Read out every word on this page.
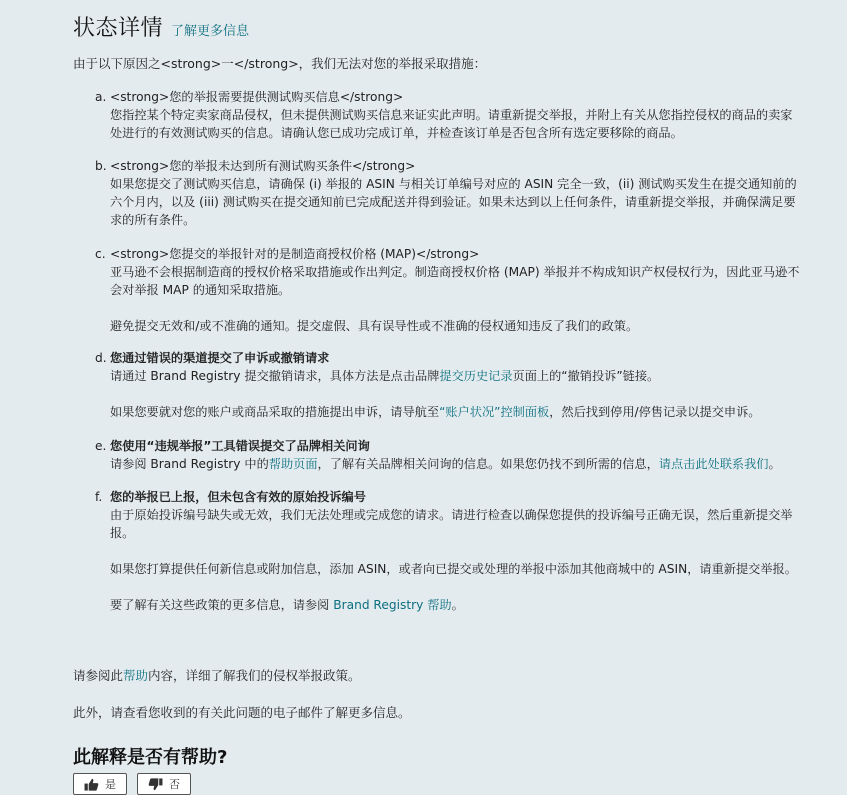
状态详情 了解更多信息
由于以下原因之<strong>一</strong>，我们无法对您的举报采取措施：
a. <strong>您的举报需要提供测试购买信息</strong>

您指控某个特定卖家商品侵权，但未提供测试购买信息来证实此声明。请重新提交举报，并附上有关从您指控侵权的商品的卖家处进行的有效测试购买的信息。请确认您已成功完成订单，并检查该订单是否包含所有选定要移除的商品。

b. <strong>您的举报未达到所有测试购买条件</strong>

如果您提交了测试购买信息，请确保 (i) 举报的 ASIN 与相关订单编号对应的 ASIN 完全一致，(ii) 测试购买发生在提交通知前的六个月内，以及 (iii) 测试购买在提交通知前已完成配送并得到验证。如果未达到以上任何条件，请重新提交举报，并确保满足要求的所有条件。

c. <strong>您提交的举报针对的是制造商授权价格 (MAP)</strong>

亚马逊不会根据制造商的授权价格采取措施或作出判定。制造商授权价格 (MAP) 举报并不构成知识产权侵权行为，因此亚马逊不会对举报 MAP 的通知采取措施。

避免提交无效和/或不准确的通知。提交虚假、具有误导性或不准确的侵权通知违反了我们的政策。

d. 您通过错误的渠道提交了申诉或撤销请求

请通过 Brand Registry 提交撤销请求，具体方法是点击品牌提交历史记录页面上的“撤销投诉”链接。

如果您要就对您的账户或商品采取的措施提出申诉，请导航至“账户状况”控制面板，然后找到停用/停售记录以提交申诉。

e. 您使用“违规举报”工具错误提交了品牌相关问询

请参阅 Brand Registry 中的帮助页面，了解有关品牌相关问询的信息。如果您仍找不到所需的信息，请点击此处联系我们。

f. 您的举报已上报，但未包含有效的原始投诉编号

由于原始投诉编号缺失或无效，我们无法处理或完成您的请求。请进行检查以确保您提供的投诉编号正确无误，然后重新提交举报。

如果您打算提供任何新信息或附加信息，添加 ASIN，或者向已提交或处理的举报中添加其他商城中的 ASIN，请重新提交举报。

要了解有关这些政策的更多信息，请参阅 Brand Registry 帮助。

请参阅此帮助内容，详细了解我们的侵权举报政策。
此外，请查看您收到的有关此问题的电子邮件了解更多信息。
此解释是否有帮助?
是	否
